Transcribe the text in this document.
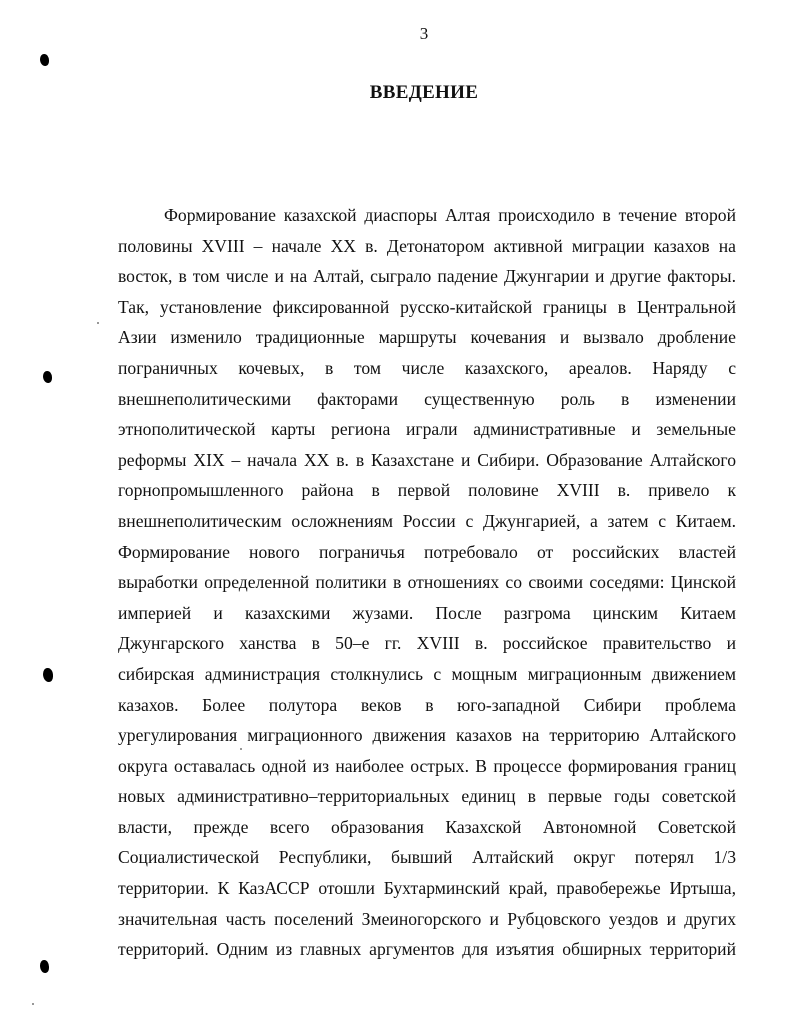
3
ВВЕДЕНИЕ
Формирование казахской диаспоры Алтая происходило в течение второй
половины XVIII – начале XX в. Детонатором активной миграции казахов на
восток, в том числе и на Алтай, сыграло падение Джунгарии и другие факторы.
Так, установление фиксированной русско-китайской границы в Центральной
Азии изменило традиционные маршруты кочевания и вызвало дробление
пограничных кочевых, в том числе казахского, ареалов. Наряду с
внешнеполитическими факторами существенную роль в изменении
этнополитической карты региона играли административные и земельные
реформы XIX – начала XX в. в Казахстане и Сибири. Образование Алтайского
горнопромышленного района в первой половине XVIII в. привело к
внешнеполитическим осложнениям России с Джунгарией, а затем с Китаем.
Формирование нового пограничья потребовало от российских властей
выработки определенной политики в отношениях со своими соседями: Цинской
империей и казахскими жузами. После разгрома цинским Китаем
Джунгарского ханства в 50–е гг. XVIII в. российское правительство и
сибирская администрация столкнулись с мощным миграционным движением
казахов. Более полутора веков в юго-западной Сибири проблема
урегулирования миграционного движения казахов на территорию Алтайского
округа оставалась одной из наиболее острых. В процессе формирования границ
новых административно–территориальных единиц в первые годы советской
власти, прежде всего образования Казахской Автономной Советской
Социалистической Республики, бывший Алтайский округ потерял 1/3
территории. К КазАССР отошли Бухтарминский край, правобережье Иртыша,
значительная часть поселений Змеиногорского и Рубцовского уездов и других
территорий. Одним из главных аргументов для изъятия обширных территорий
